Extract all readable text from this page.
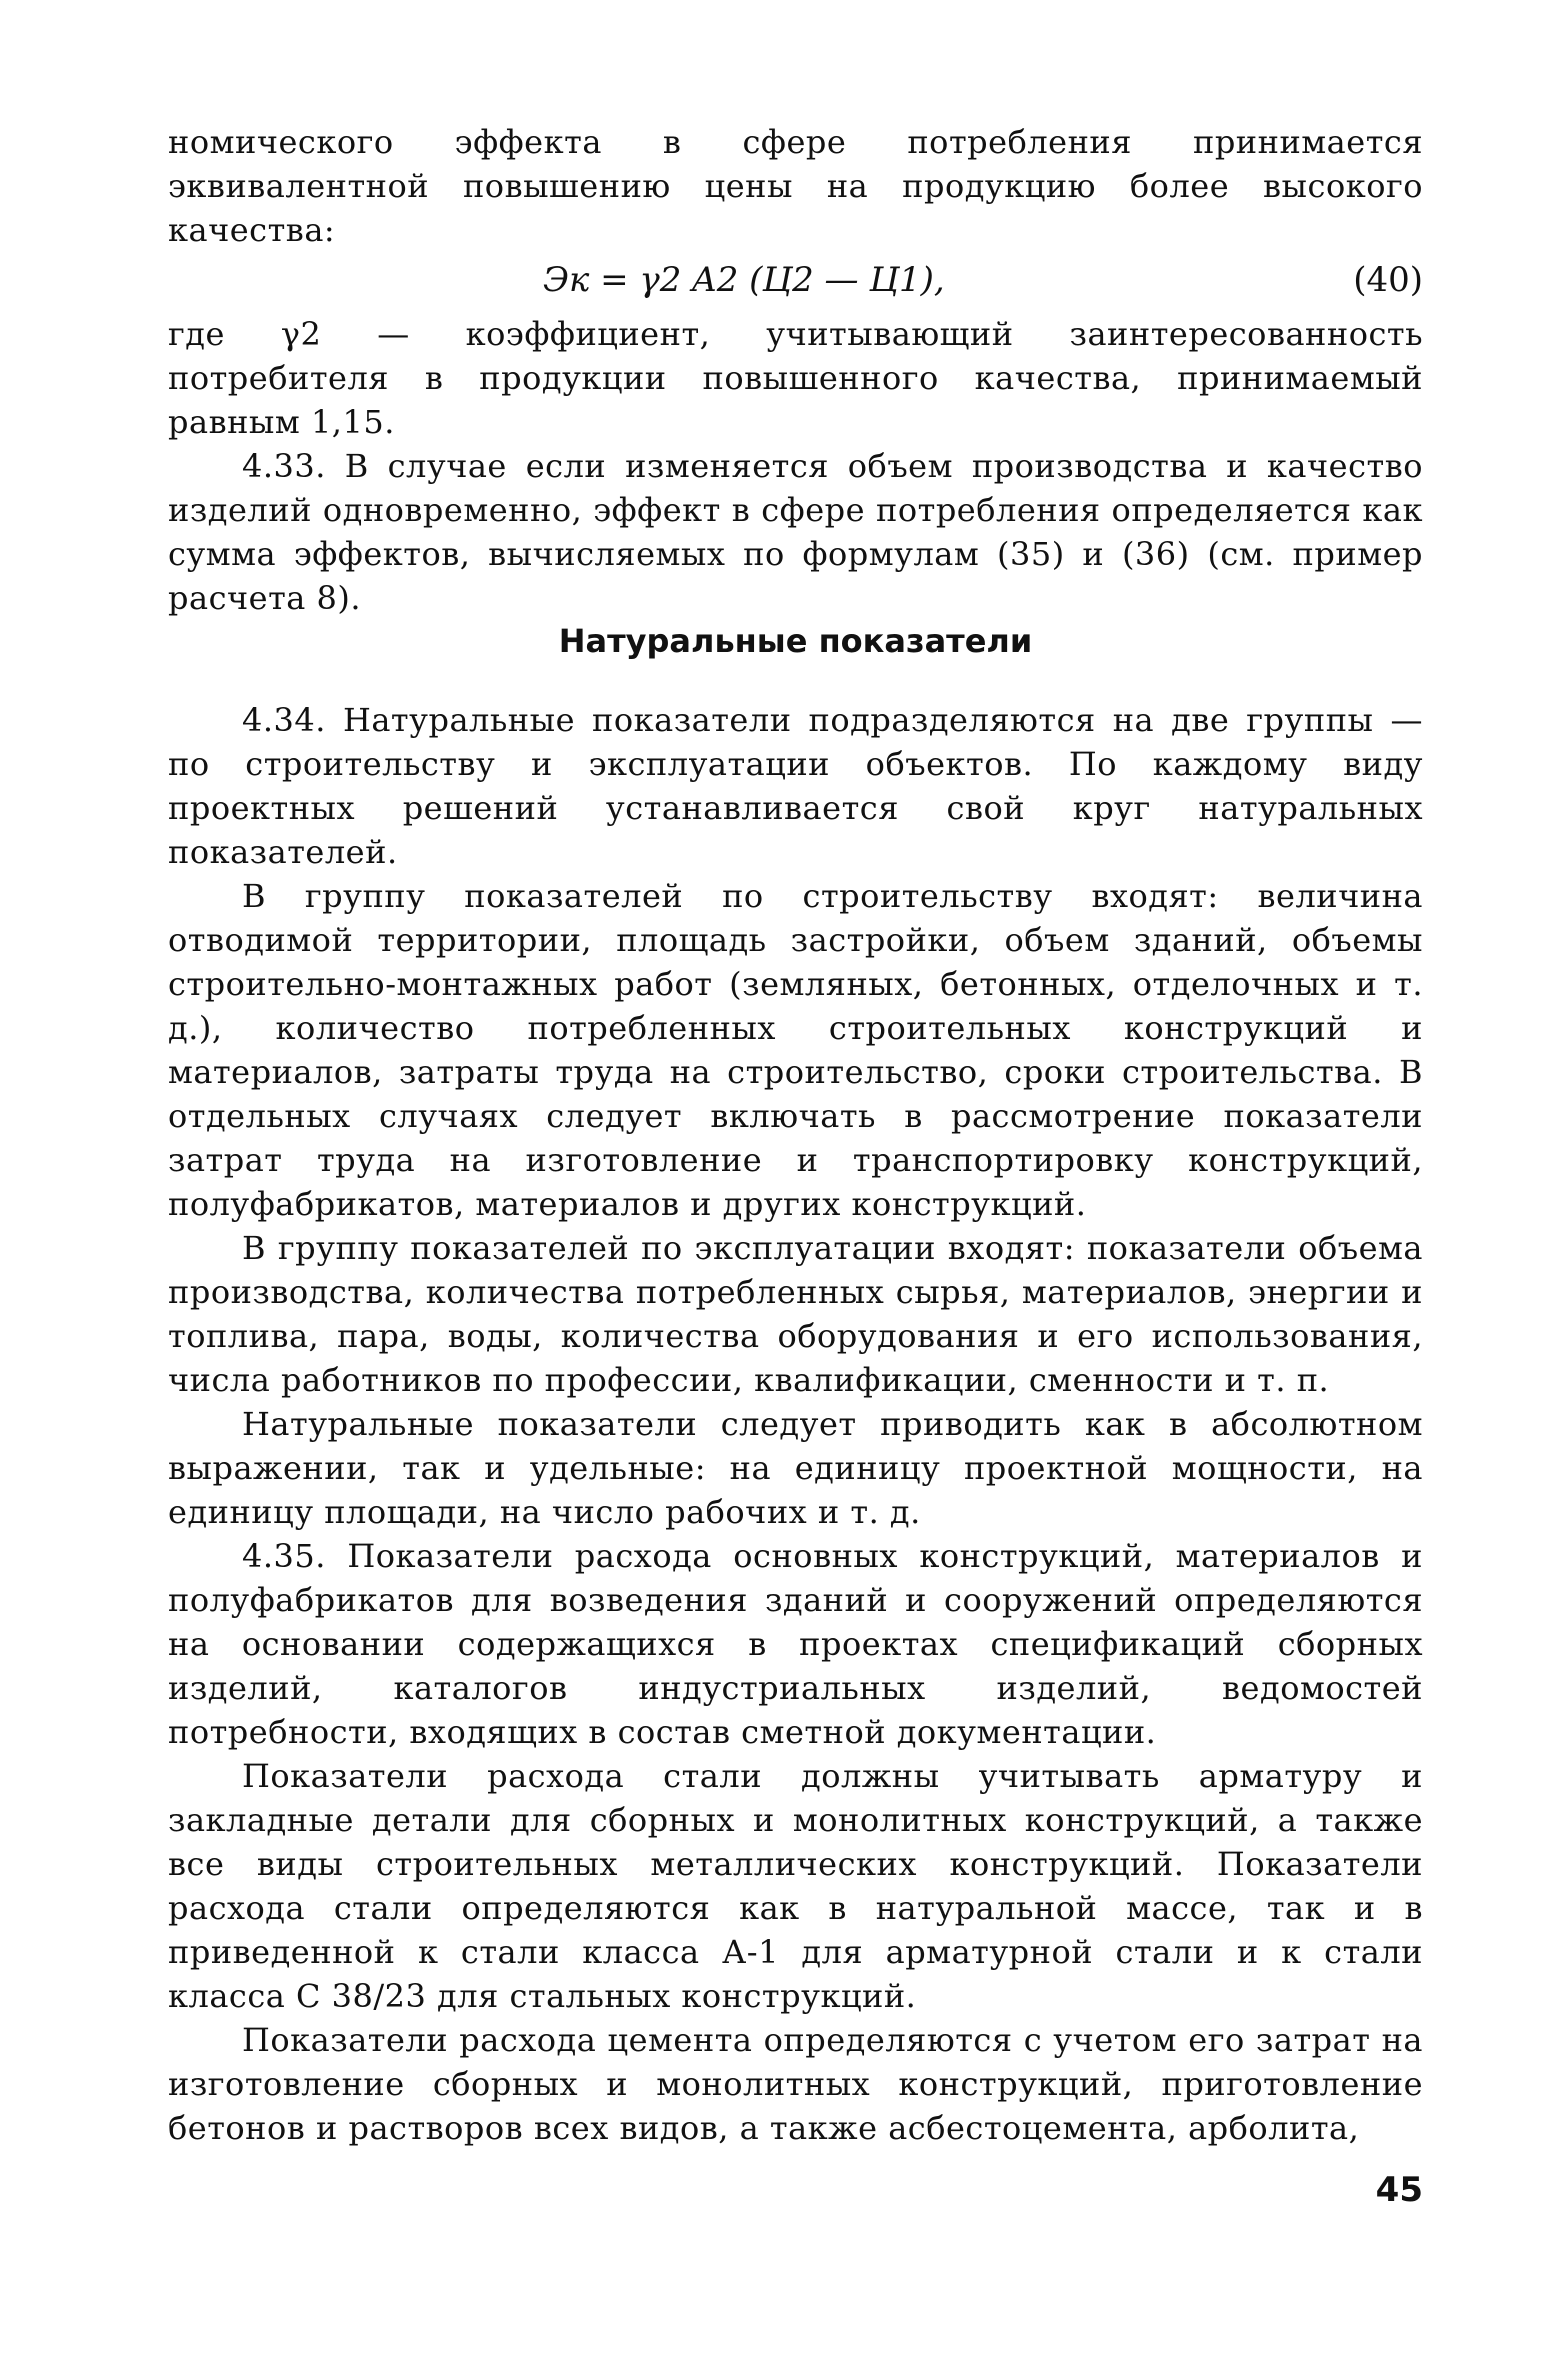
номического эффекта в сфере потребления принимается эквивалентной повышению цены на продукцию более высокого качества:

Эк = γ2 A2 (Ц2 — Ц1),	(40)

где γ2 — коэффициент, учитывающий заинтересованность потребителя в продукции повышенного качества, принимаемый равным 1,15.

4.33. В случае если изменяется объем производства и качество изделий одновременно, эффект в сфере потребления определяется как сумма эффектов, вычисляемых по формулам (35) и (36) (см. пример расчета 8).

Натуральные показатели

4.34. Натуральные показатели подразделяются на две группы — по строительству и эксплуатации объектов. По каждому виду проектных решений устанавливается свой круг натуральных показателей.

В группу показателей по строительству входят: величина отводимой территории, площадь застройки, объем зданий, объемы строительно-монтажных работ (земляных, бетонных, отделочных и т. д.), количество потребленных строительных конструкций и материалов, затраты труда на строительство, сроки строительства. В отдельных случаях следует включать в рассмотрение показатели затрат труда на изготовление и транспортировку конструкций, полуфабрикатов, материалов и других конструкций.

В группу показателей по эксплуатации входят: показатели объема производства, количества потребленных сырья, материалов, энергии и топлива, пара, воды, количества оборудования и его использования, числа работников по профессии, квалификации, сменности и т. п.

Натуральные показатели следует приводить как в абсолютном выражении, так и удельные: на единицу проектной мощности, на единицу площади, на число рабочих и т. д.

4.35. Показатели расхода основных конструкций, материалов и полуфабрикатов для возведения зданий и сооружений определяются на основании содержащихся в проектах спецификаций сборных изделий, каталогов индустриальных изделий, ведомостей потребности, входящих в состав сметной документации.

Показатели расхода стали должны учитывать арматуру и закладные детали для сборных и монолитных конструкций, а также все виды строительных металлических конструкций. Показатели расхода стали определяются как в натуральной массе, так и в приведенной к стали класса А-1 для арматурной стали и к стали класса С 38/23 для стальных конструкций.

Показатели расхода цемента определяются с учетом его затрат на изготовление сборных и монолитных конструкций, приготовление бетонов и растворов всех видов, а также асбестоцемента, арболита,

45
